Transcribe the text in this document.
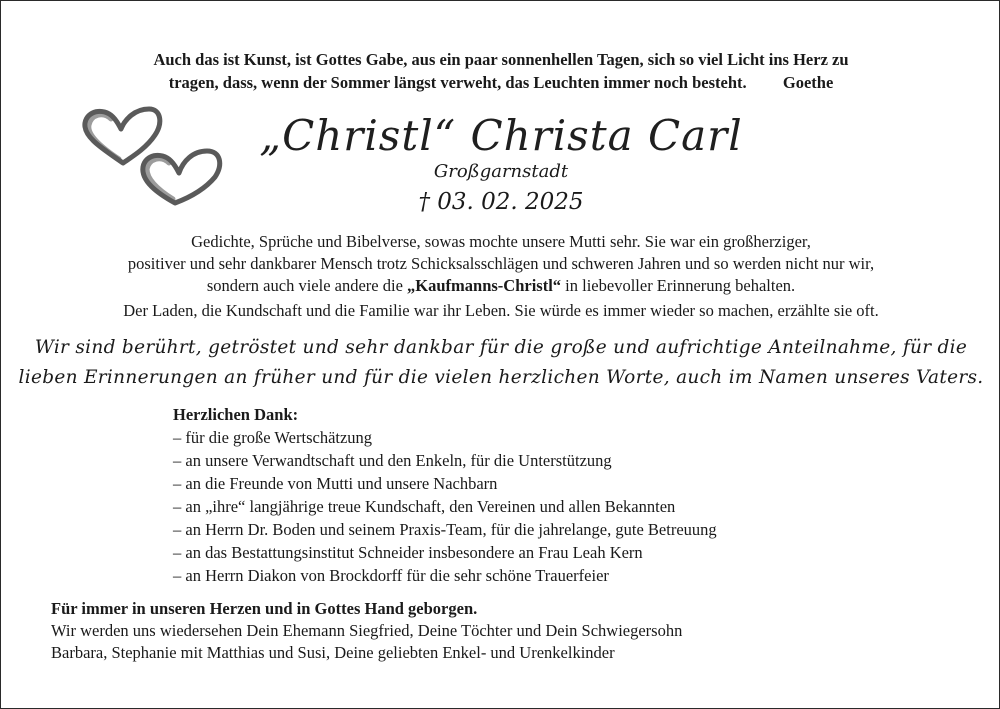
Auch das ist Kunst, ist Gottes Gabe, aus ein paar sonnenhellen Tagen, sich so viel Licht ins Herz zu
tragen, dass, wenn der Sommer längst verweht, das Leuchten immer noch besteht. Goethe
„Christl“ Christa Carl
Großgarnstadt
† 03. 02. 2025
Gedichte, Sprüche und Bibelverse, sowas mochte unsere Mutti sehr. Sie war ein großherziger,
positiver und sehr dankbarer Mensch trotz Schicksalsschlägen und schweren Jahren und so werden nicht nur wir,
sondern auch viele andere die „Kaufmanns-Christl“ in liebevoller Erinnerung behalten.
Der Laden, die Kundschaft und die Familie war ihr Leben. Sie würde es immer wieder so machen, erzählte sie oft.
Wir sind berührt, getröstet und sehr dankbar für die große und aufrichtige Anteilnahme, für die
lieben Erinnerungen an früher und für die vielen herzlichen Worte, auch im Namen unseres Vaters.
Herzlichen Dank:
– für die große Wertschätzung
– an unsere Verwandtschaft und den Enkeln, für die Unterstützung
– an die Freunde von Mutti und unsere Nachbarn
– an „ihre“ langjährige treue Kundschaft, den Vereinen und allen Bekannten
– an Herrn Dr. Boden und seinem Praxis-Team, für die jahrelange, gute Betreuung
– an das Bestattungsinstitut Schneider insbesondere an Frau Leah Kern
– an Herrn Diakon von Brockdorff für die sehr schöne Trauerfeier
Für immer in unseren Herzen und in Gottes Hand geborgen.
Wir werden uns wiedersehen Dein Ehemann Siegfried, Deine Töchter und Dein Schwiegersohn
Barbara, Stephanie mit Matthias und Susi, Deine geliebten Enkel- und Urenkelkinder
